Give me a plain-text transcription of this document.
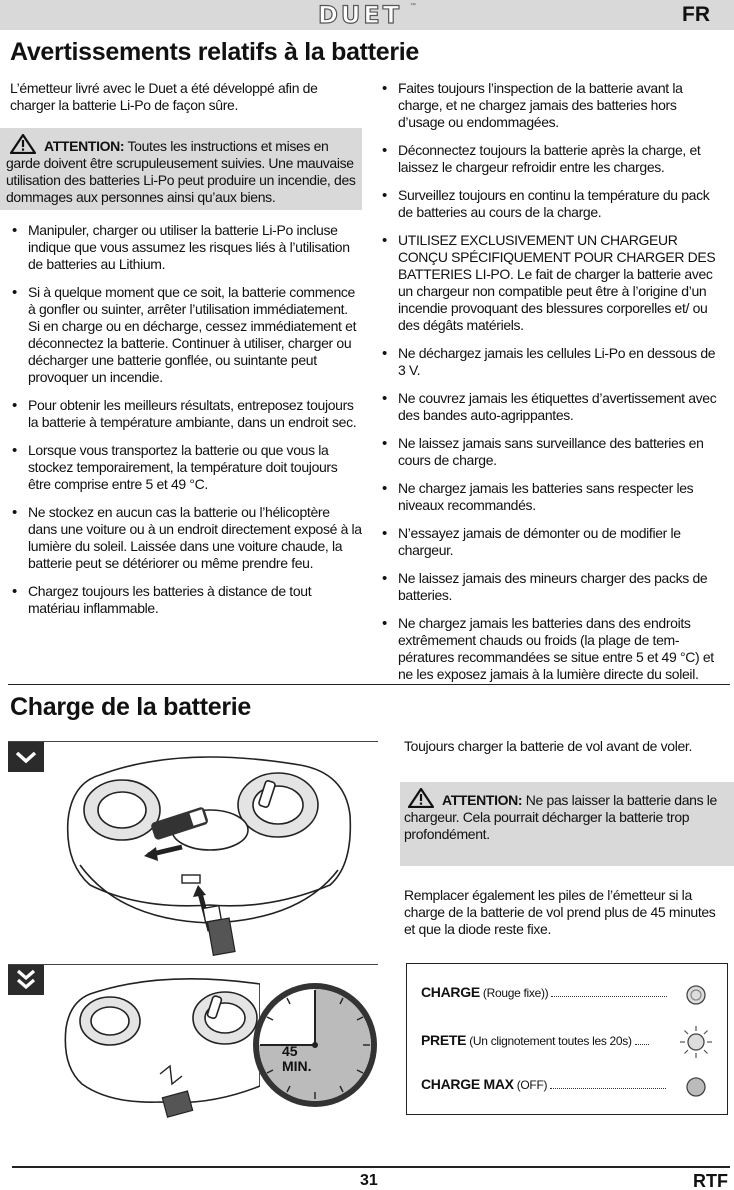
DUET ™	FR
Avertissements relatifs à la batterie

L’émetteur livré avec le Duet a été développé afin de charger la batterie Li-Po de façon sûre.

ATTENTION: Toutes les instructions et mises en garde doivent être scrupuleusement suivies. Une mauvaise utilisation des batteries Li-Po peut produire un incendie, des dommages aux personnes ainsi qu’aux biens.
• Manipuler, charger ou utiliser la batterie Li-Po incluse indique que vous assumez les risques liés à l’utilisation de batteries au Lithium.
• Si à quelque moment que ce soit, la batterie commence à gonfler ou suinter, arrêter l’utilisation immédiatement. Si en charge ou en décharge, cessez immédiatement et déconnectez la batterie. Continuer à utiliser, charger ou décharger une batterie gonflée, ou suintante peut provoquer un incendie.
• Pour obtenir les meilleurs résultats, entreposez toujours la batterie à température ambiante, dans un endroit sec.
• Lorsque vous transportez la batterie ou que vous la stockez temporairement, la température doit toujours être comprise entre 5 et 49 °C.
• Ne stockez en aucun cas la batterie ou l’hélicoptère dans une voiture ou à un endroit directement exposé à la lumière du soleil. Laissée dans une voiture chaude, la batterie peut se détériorer ou même prendre feu.
• Chargez toujours les batteries à distance de tout matériau inflammable.
• Faites toujours l’inspection de la batterie avant la charge, et ne chargez jamais des batteries hors d’usage ou endommagées.
• Déconnectez toujours la batterie après la charge, et laissez le chargeur refroidir entre les charges.
• Surveillez toujours en continu la température du pack de batteries au cours de la charge.
• UTILISEZ EXCLUSIVEMENT UN CHARGEUR CONÇU SPÉCIFIQUEMENT POUR CHARGER DES BATTERIES LI-PO. Le fait de charger la batterie avec un chargeur non compatible peut être à l’origine d’un incendie provoquant des blessures corporelles et/ ou des dégâts matériels.
• Ne déchargez jamais les cellules Li-Po en dessous de 3 V.
• Ne couvrez jamais les étiquettes d’avertissement avec des bandes auto-agrippantes.
• Ne laissez jamais sans surveillance des batteries en cours de charge.
• Ne chargez jamais les batteries sans respecter les niveaux recommandés.
• N’essayez jamais de démonter ou de modifier le chargeur.
• Ne laissez jamais des mineurs charger des packs de batteries.
• Ne chargez jamais les batteries dans des endroits extrêmement chauds ou froids (la plage de tem-pératures recommandées se situe entre 5 et 49 °C) et ne les exposez jamais à la lumière directe du soleil.
Charge de la batterie
Toujours charger la batterie de vol avant de voler.
ATTENTION: Ne pas laisser la batterie dans le chargeur. Cela pourrait décharger la batterie trop profondément.
Remplacer également les piles de l’émetteur si la charge de la batterie de vol prend plus de 45 minutes et que la diode reste fixe.
45
MIN.
CHARGE (Rouge fixe))
PRETE (Un clignotement toutes les 20s)
CHARGE MAX (OFF)
31	RTF
